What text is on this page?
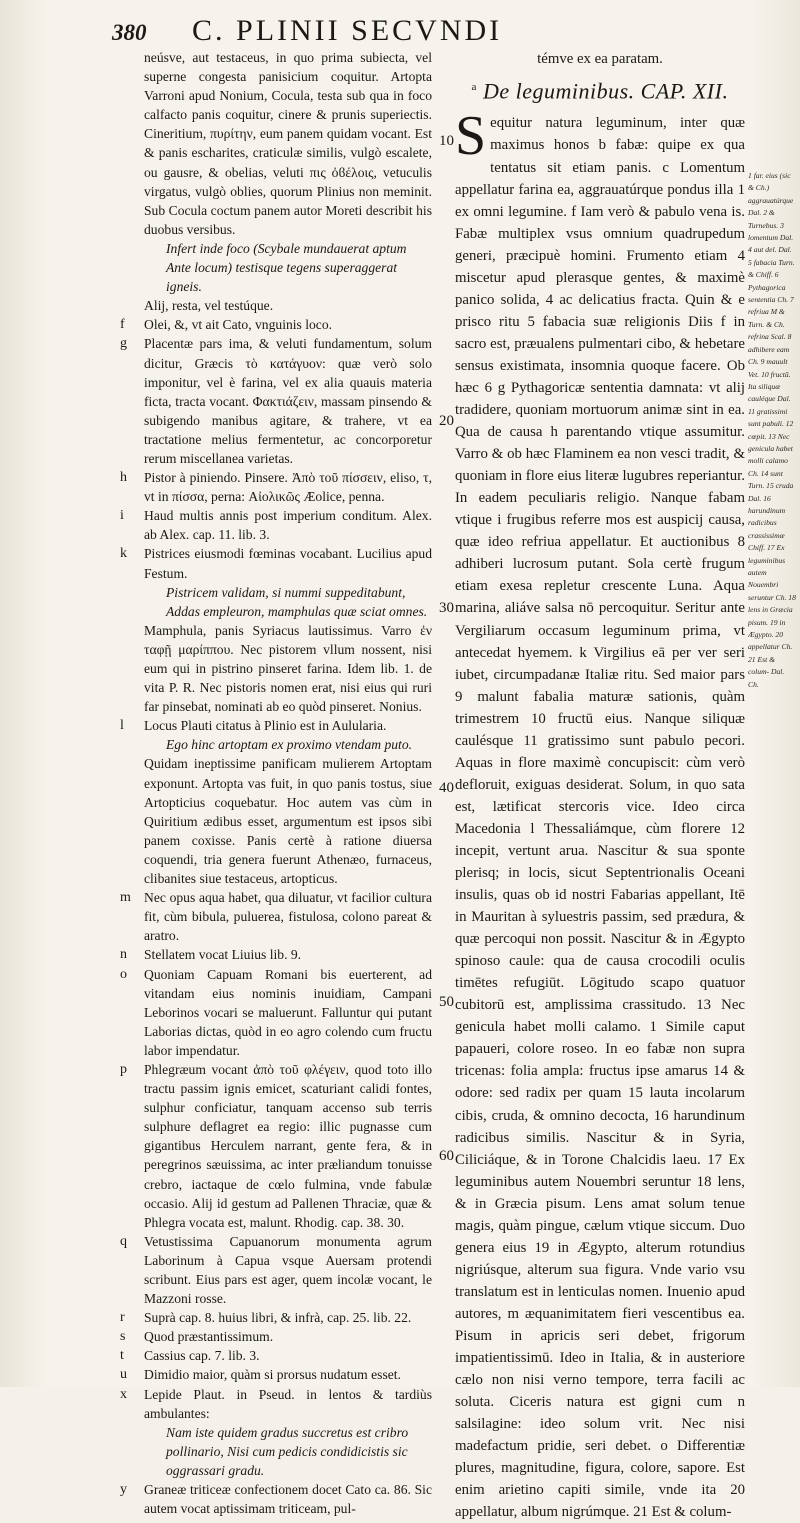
380	C. PLINII SECVNDI
neúsve, aut testaceus, in quo prima subiecta, vel superne congesta panisicium coquitur. Artopta Varroni apud Nonium, Cocula, testa sub qua in foco calfacto panis coquitur, cinere & prunis superiectis. Cineritium, πυρίτην, eum panem quidam vocant. Est & panis escharites, craticulæ similis, vulgò escalete, ou gausre, & obelias, veluti πις ὀϐέλοις, vetuculis virgatus, vulgò oblies, quorum Plinius non meminit. Sub Cocula coctum panem autor Moreti describit his duobus versibus.
Infert inde foco (Scybale mundauerat aptum Ante locum) testisque tegens superaggerat igneis.
Alij, resta, vel testúque.
f	Olei, &, vt ait Cato, vnguinis loco.
g	Placentæ pars ima, & veluti fundamentum, solum dicitur, Græcis τὸ κατάγυον: quæ verò solo imponitur, vel è farina, vel ex alia quauis materia ficta, tracta vocant. Φακτιάζειν, massam pinsendo & subigendo manibus agitare, & trahere, vt ea tractatione melius fermentetur, ac concorporetur rerum miscellanea varietas.
h	Pistor à piniendo. Pinsere. Ἀπὸ τοῦ πίσσειν, eliso, τ, vt in πίσσα, perna: Αἰολικῶς Æolice, penna.
i	Haud multis annis post imperium conditum. Alex. ab Alex. cap. 11. lib. 3.
k	Pistrices eiusmodi fœminas vocabant. Lucilius apud Festum.
Pistricem validam, si nummi suppeditabunt, Addas empleuron, mamphulas quæ sciat omnes.
Mamphula, panis Syriacus lautissimus. Varro ἐν ταφῇ μαρίππου. Nec pistorem vllum nossent, nisi eum qui in pistrino pinseret farina. Idem lib. 1. de vita P. R. Nec pistoris nomen erat, nisi eius qui ruri far pinsebat, nominati ab eo quòd pinseret. Nonius.
l	Locus Plauti citatus à Plinio est in Aulularia.
Ego hinc artoptam ex proximo vtendam puto.
Quidam ineptissime panificam mulierem Artoptam exponunt. Artopta vas fuit, in quo panis tostus, siue Artopticius coquebatur. Hoc autem vas cùm in Quiritium ædibus esset, argumentum est ipsos sibi panem coxisse. Panis certè à ratione diuersa coquendi, tria genera fuerunt Athenæo, furnaceus, clibanites siue testaceus, artopticus.
m Nec opus aqua habet, qua diluatur, vt facilior cultura fit, cùm bibula, puluerea, fistulosa, colono pareat & aratro.
n	Stellatem vocat Liuius lib. 9.
o	Quoniam Capuam Romani bis euerterent, ad vitandam eius nominis inuidiam, Campani Leborinos vocari se maluerunt. Falluntur qui putant Laborias dictas, quòd in eo agro colendo cum fructu labor impendatur.
p	Phlegræum vocant ἀπὸ τοῦ φλέγειν, quod toto illo tractu passim ignis emicet, scaturiant calidi fontes, sulphur conficiatur, tanquam accenso sub terris sulphure deflagret ea regio: illic pugnasse cum gigantibus Herculem narrant, gente fera, & in peregrinos sæuissima, ac inter præliandum tonuisse crebro, iactaque de cœlo fulmina, vnde fabulæ occasio. Alij id gestum ad Pallenen Thraciæ, quæ & Phlegra vocata est, malunt. Rhodig. cap. 38. 30.
q	Vetustissima Capuanorum monumenta agrum Laborinum à Capua vsque Auersam protendi scribunt. Eius pars est ager, quem incolæ vocant, le Mazzoni rosse.
r	Suprà cap. 8. huius libri, & infrà, cap. 25. lib. 22.
s	Quod præstantissimum.
t	Cassius cap. 7. lib. 3.
u	Dimidio maior, quàm si prorsus nudatum esset.
x	Lepide Plaut. in Pseud. in lentos & tardiùs ambulantes:
Nam iste quidem gradus succretus est cribro pollinario, Nisi cum pedicis condidicistis sic oggrassari gradu.
y	Graneæ triticeæ confectionem docet Cato ca. 86. Sic autem vocat aptissimam triticeam, pul-
10
20
30
40
50
60
témve ex ea paratam.
$^a$ De leguminibus. CAP. XII.
S equitur natura leguminum, inter quæ maximus honos b fabæ: quipe ex qua tentatus sit etiam panis. c Lomentum appellatur farina ea, aggrauatúrque pondus illa 1 ex omni legumine. f Iam verò & pabulo vena is. Fabæ multiplex vsus omnium quadrupedum generi, præcipuè homini. Frumento etiam 4 miscetur apud plerasque gentes, & maximè panico solida, 4 ac delicatius fracta. Quin & e prisco ritu 5 fabacia suæ religionis Diis f in sacro est, præualens pulmentari cibo, & hebetare sensus existimata, insomnia quoque facere. Ob hæc 6 g Pythagoricæ sententia damnata: vt alij tradidere, quoniam mortuorum animæ sint in ea. Qua de causa h parentando vtique assumitur. Varro & ob hæc Flaminem ea non vesci tradit, & quoniam in flore eius literæ lugubres reperiantur. In eadem peculiaris religio. Nanque fabam vtique i frugibus referre mos est auspicij causa, quæ ideo refriua appellatur. Et auctionibus 8 adhiberi lucrosum putant. Sola certè frugum etiam exesa repletur crescente Luna. Aqua marina, aliáve salsa nō percoquitur. Seritur ante Vergiliarum occasum leguminum prima, vt antecedat hyemem. k Virgilius eā per ver seri iubet, circumpadanæ Italiæ ritu. Sed maior pars 9 malunt fabalia maturæ sationis, quàm trimestrem 10 fructū eius. Nanque siliquæ caulésque 11 gratissimo sunt pabulo pecori. Aquas in flore maximè concupiscit: cùm verò defloruit, exiguas desiderat. Solum, in quo sata est, lætificat stercoris vice. Ideo circa Macedonia l Thessaliámque, cùm florere 12 incepit, vertunt arua. Nascitur & sua sponte plerisq; in locis, sicut Septentrionalis Oceani insulis, quas ob id nostri Fabarias appellant, Itē in Mauritan à syluestris passim, sed prædura, & quæ percoqui non possit. Nascitur & in Ægypto spinoso caule: qua de causa crocodili oculis timētes refugiūt. Lōgitudo scapo quatuor cubitorū est, amplissima crassitudo. 13 Nec genicula habet molli calamo. 1 Simile caput papaueri, colore roseo. In eo fabæ non supra tricenas: folia ampla: fructus ipse amarus 14 & odore: sed radix per quam 15 lauta incolarum cibis, cruda, & omnino decocta, 16 harundinum radicibus similis. Nascitur & in Syria, Ciliciáque, & in Torone Chalcidis laeu. 17 Ex leguminibus autem Nouembri seruntur 18 lens, & in Græcia pisum. Lens amat solum tenue magis, quàm pingue, cælum vtique siccum. Duo genera eius 19 in Ægypto, alterum rotundius nigriúsque, alterum sua figura. Vnde vario vsu translatum est in lenticulas nomen. Inuenio apud autores, m æquanimitatem fieri vescentibus ea. Pisum in apricis seri debet, frigorum impatientissimū. Ideo in Italia, & in austeriore cælo non nisi verno tempore, terra facili ac soluta. Ciceris natura est gigni cum n salsilagine: ideo solum vrit. Nec nisi madefactum pridie, seri debet. o Differentiæ plures, magnitudine, figura, colore, sapore. Est enim arietino capiti simile, vnde ita 20 appellatur, album nigrúmque. 21 Est & colum-
1 far. eius (sic & Ch.) aggrauatúrque Dal. 2 & Turnebus. 3 lomentum Dal. 4 aut del. Dal. 5 fabacia Turn. & Chiff. 6 Pythagorica sententia Ch. 7 refriua M & Turn. & Ch. refrina Scal. 8 adhibere eam Ch. 9 mauult Vet. 10 fructū. Ita siliquæ cauléque Dal. 11 gratissimi sunt pabuli. 12 cœpit. 13 Nec genicula habet molli calamo Ch. 14 sunt Turn. 15 cruda Dal. 16 harundinum radicibus crassissimæ Chiff. 17 Ex leguminibus autem Nouembri seruntur Ch. 18 lens in Græcia pisum. 19 in Ægypto. 20 appellatur Ch. 21 Est & colum- Dal. Ch.
